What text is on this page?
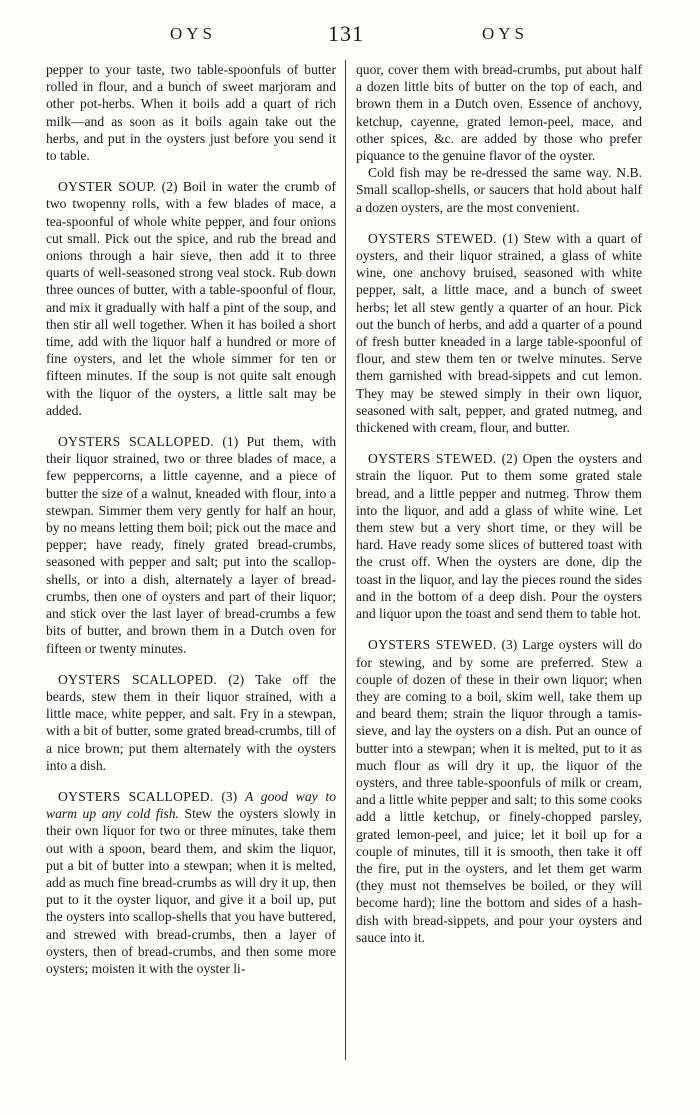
OYS	131	OYS

pepper to your taste, two table-spoonfuls of butter rolled in flour, and a bunch of sweet marjoram and other pot-herbs. When it boils add a quart of rich milk—and as soon as it boils again take out the herbs, and put in the oysters just before you send it to table.

OYSTER SOUP. (2) Boil in water the crumb of two twopenny rolls, with a few blades of mace, a tea-spoonful of whole white pepper, and four onions cut small. Pick out the spice, and rub the bread and onions through a hair sieve, then add it to three quarts of well-seasoned strong veal stock. Rub down three ounces of butter, with a table-spoonful of flour, and mix it gradually with half a pint of the soup, and then stir all well together. When it has boiled a short time, add with the liquor half a hundred or more of fine oysters, and let the whole simmer for ten or fifteen minutes. If the soup is not quite salt enough with the liquor of the oysters, a little salt may be added.

OYSTERS SCALLOPED. (1) Put them, with their liquor strained, two or three blades of mace, a few peppercorns, a little cayenne, and a piece of butter the size of a walnut, kneaded with flour, into a stewpan. Simmer them very gently for half an hour, by no means letting them boil; pick out the mace and pepper; have ready, finely grated bread-crumbs, seasoned with pepper and salt; put into the scallop-shells, or into a dish, alternately a layer of bread-crumbs, then one of oysters and part of their liquor; and stick over the last layer of bread-crumbs a few bits of butter, and brown them in a Dutch oven for fifteen or twenty minutes.

OYSTERS SCALLOPED. (2) Take off the beards, stew them in their liquor strained, with a little mace, white pepper, and salt. Fry in a stewpan, with a bit of butter, some grated bread-crumbs, till of a nice brown; put them alternately with the oysters into a dish.

OYSTERS SCALLOPED. (3) A good way to warm up any cold fish. Stew the oysters slowly in their own liquor for two or three minutes, take them out with a spoon, beard them, and skim the liquor, put a bit of butter into a stewpan; when it is melted, add as much fine bread-crumbs as will dry it up, then put to it the oyster liquor, and give it a boil up, put the oysters into scallop-shells that you have buttered, and strewed with bread-crumbs, then a layer of oysters, then of bread-crumbs, and then some more oysters; moisten it with the oyster li-

quor, cover them with bread-crumbs, put about half a dozen little bits of butter on the top of each, and brown them in a Dutch oven. Essence of anchovy, ketchup, cayenne, grated lemon-peel, mace, and other spices, &c. are added by those who prefer piquance to the genuine flavor of the oyster.

Cold fish may be re-dressed the same way. N.B. Small scallop-shells, or saucers that hold about half a dozen oysters, are the most convenient.

OYSTERS STEWED. (1) Stew with a quart of oysters, and their liquor strained, a glass of white wine, one anchovy bruised, seasoned with white pepper, salt, a little mace, and a bunch of sweet herbs; let all stew gently a quarter of an hour. Pick out the bunch of herbs, and add a quarter of a pound of fresh butter kneaded in a large table-spoonful of flour, and stew them ten or twelve minutes. Serve them garnished with bread-sippets and cut lemon. They may be stewed simply in their own liquor, seasoned with salt, pepper, and grated nutmeg, and thickened with cream, flour, and butter.

OYSTERS STEWED. (2) Open the oysters and strain the liquor. Put to them some grated stale bread, and a little pepper and nutmeg. Throw them into the liquor, and add a glass of white wine. Let them stew but a very short time, or they will be hard. Have ready some slices of buttered toast with the crust off. When the oysters are done, dip the toast in the liquor, and lay the pieces round the sides and in the bottom of a deep dish. Pour the oysters and liquor upon the toast and send them to table hot.

OYSTERS STEWED. (3) Large oysters will do for stewing, and by some are preferred. Stew a couple of dozen of these in their own liquor; when they are coming to a boil, skim well, take them up and beard them; strain the liquor through a tamis-sieve, and lay the oysters on a dish. Put an ounce of butter into a stewpan; when it is melted, put to it as much flour as will dry it up, the liquor of the oysters, and three table-spoonfuls of milk or cream, and a little white pepper and salt; to this some cooks add a little ketchup, or finely-chopped parsley, grated lemon-peel, and juice; let it boil up for a couple of minutes, till it is smooth, then take it off the fire, put in the oysters, and let them get warm (they must not themselves be boiled, or they will become hard); line the bottom and sides of a hash-dish with bread-sippets, and pour your oysters and sauce into it.
